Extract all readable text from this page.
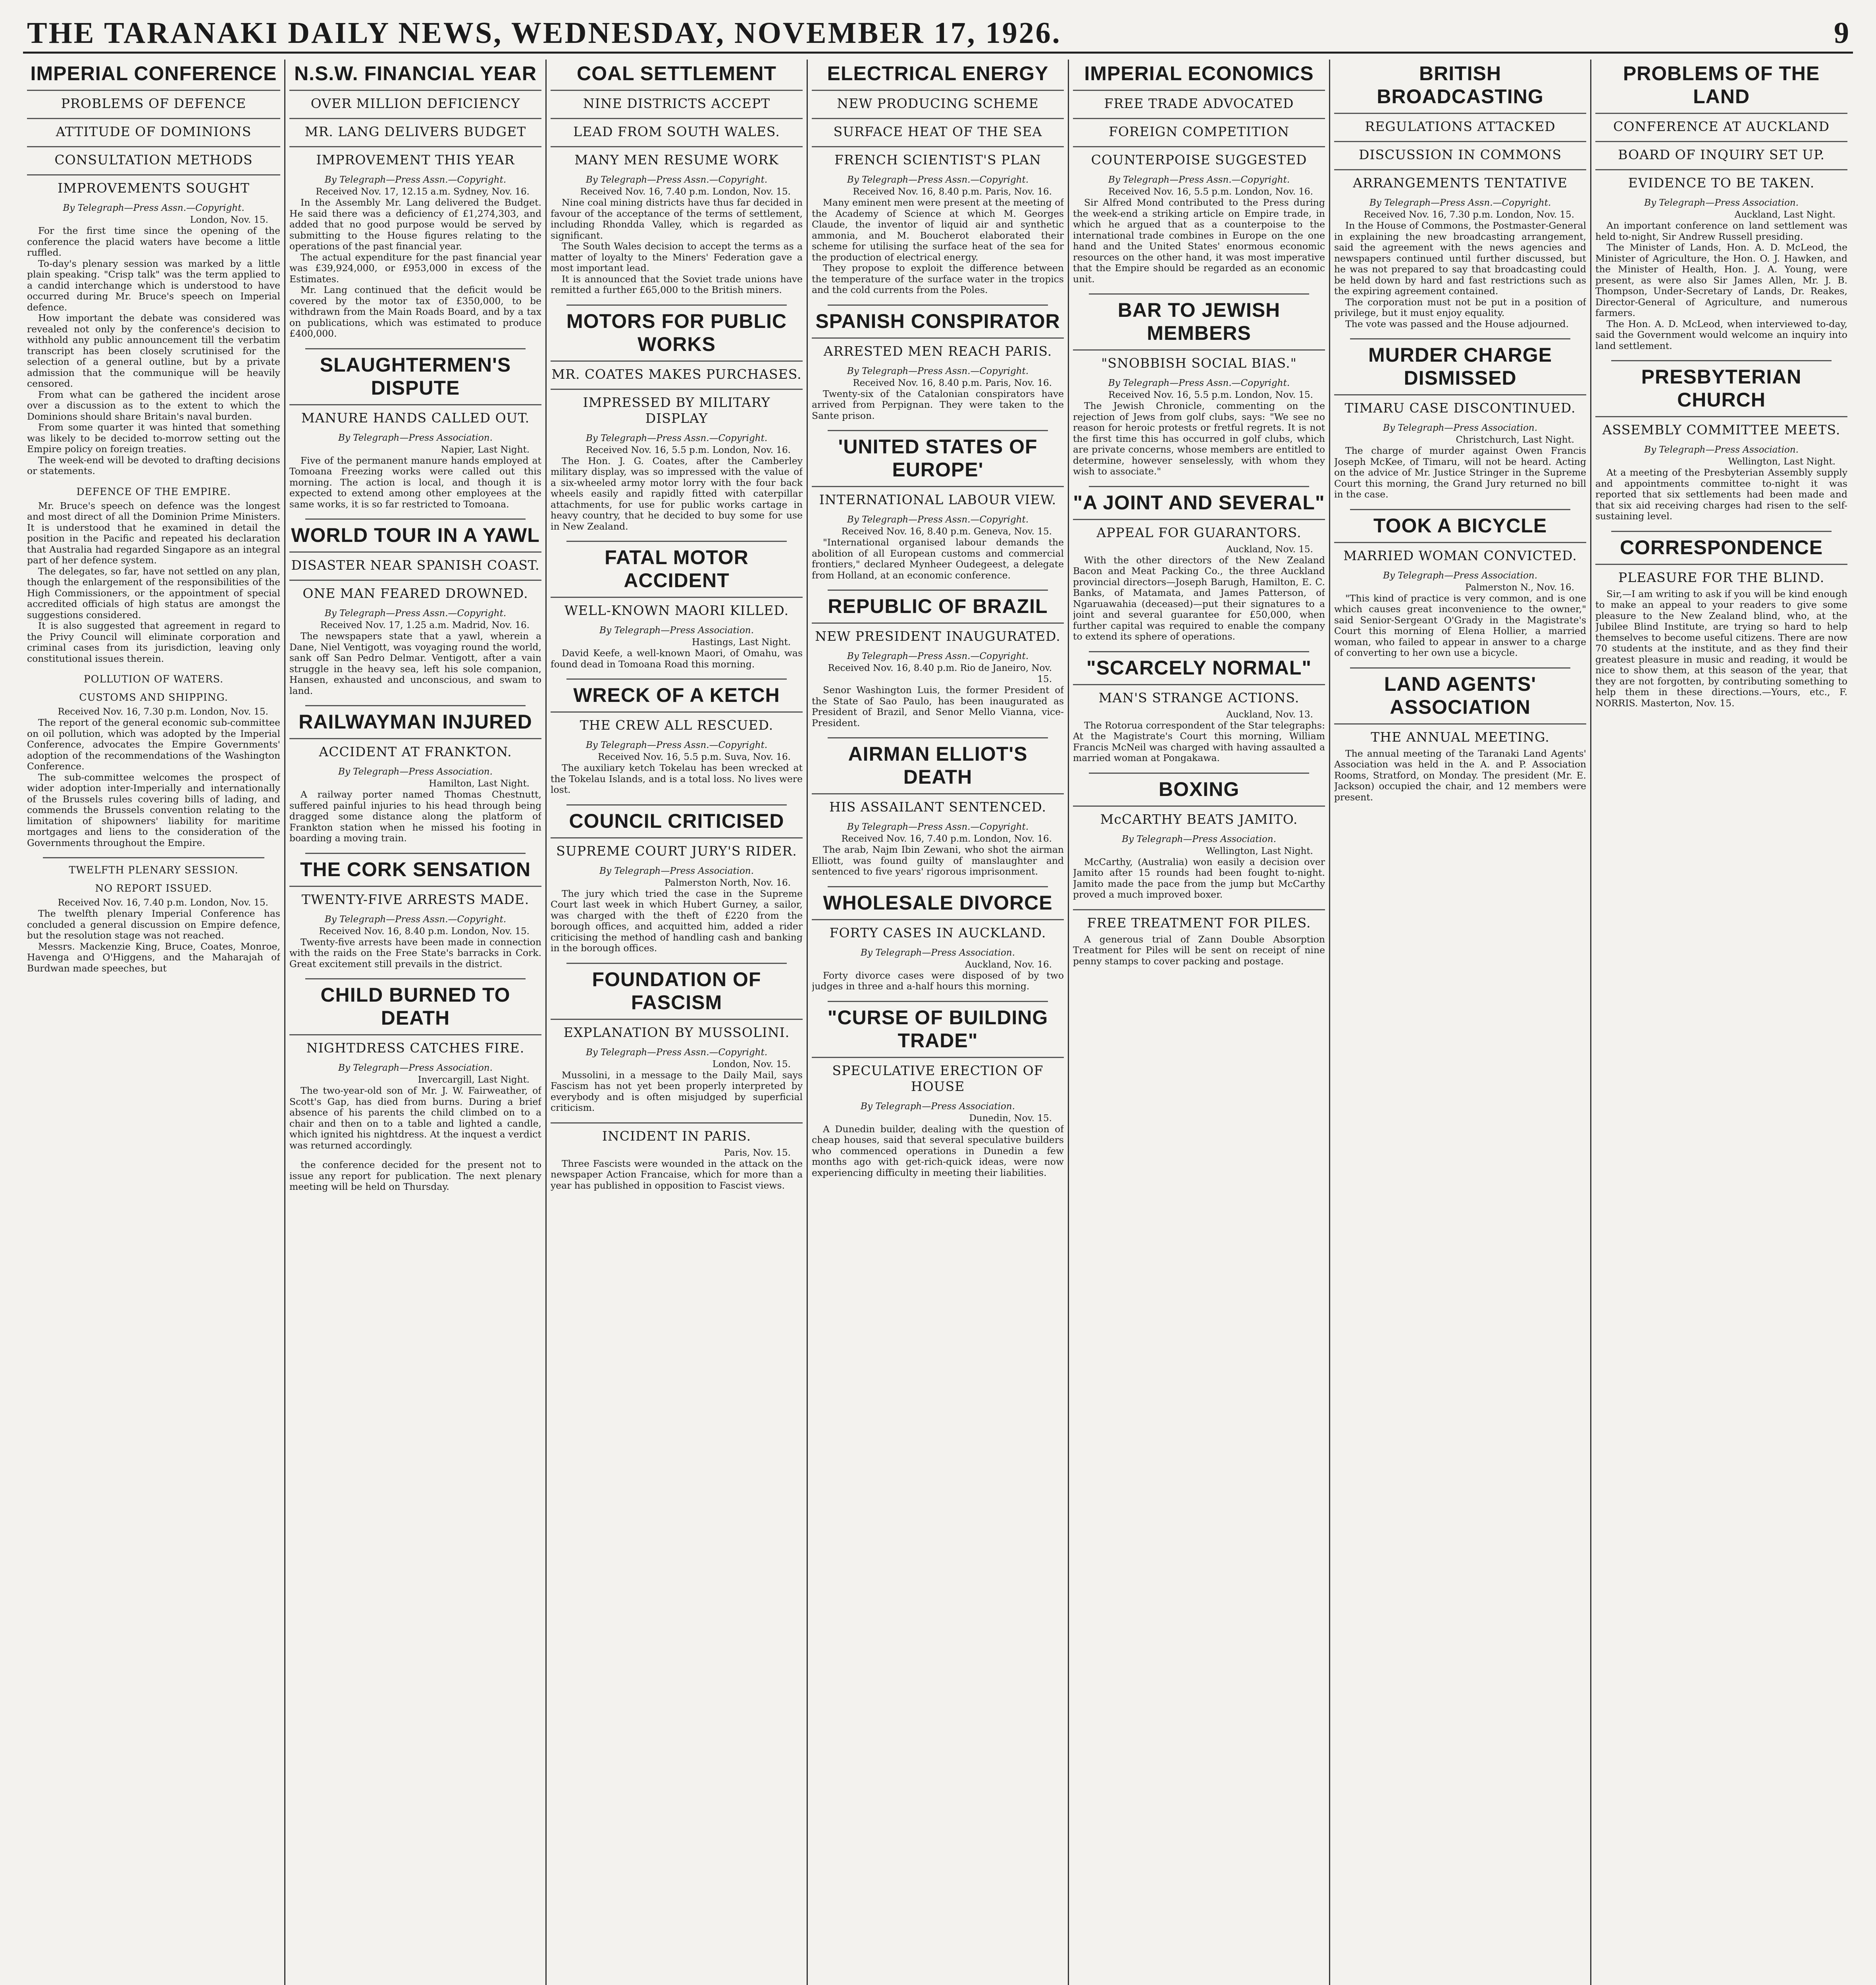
THE TARANAKI DAILY NEWS, WEDNESDAY, NOVEMBER 17, 1926.	9
IMPERIAL CONFERENCE
PROBLEMS OF DEFENCE
ATTITUDE OF DOMINIONS
CONSULTATION METHODS
IMPROVEMENTS SOUGHT
By Telegraph—Press Assn.—Copyright.
London, Nov. 15.

For the first time since the opening of the conference the placid waters have become a little ruffled.

To-day's plenary session was marked by a little plain speaking. "Crisp talk" was the term applied to a candid interchange which is understood to have occurred during Mr. Bruce's speech on Imperial defence.

How important the debate was considered was revealed not only by the conference's decision to withhold any public announcement till the verbatim transcript has been closely scrutinised for the selection of a general outline, but by a private admission that the communique will be heavily censored.

From what can be gathered the incident arose over a discussion as to the extent to which the Dominions should share Britain's naval burden.

From some quarter it was hinted that something was likely to be decided to-morrow setting out the Empire policy on foreign treaties.

The week-end will be devoted to drafting decisions or statements.

DEFENCE OF THE EMPIRE.

Mr. Bruce's speech on defence was the longest and most direct of all the Dominion Prime Ministers. It is understood that he examined in detail the position in the Pacific and repeated his declaration that Australia had regarded Singapore as an integral part of her defence system.

The delegates, so far, have not settled on any plan, though the enlargement of the responsibilities of the High Commissioners, or the appointment of special accredited officials of high status are amongst the suggestions considered.

It is also suggested that agreement in regard to the Privy Council will eliminate corporation and criminal cases from its jurisdiction, leaving only constitutional issues therein.

POLLUTION OF WATERS.
CUSTOMS AND SHIPPING.
Received Nov. 16, 7.30 p.m. London, Nov. 15.

The report of the general economic sub-committee on oil pollution, which was adopted by the Imperial Conference, advocates the Empire Governments' adoption of the recommendations of the Washington Conference.

The sub-committee welcomes the prospect of wider adoption inter-Imperially and internationally of the Brussels rules covering bills of lading, and commends the Brussels convention relating to the limitation of shipowners' liability for maritime mortgages and liens to the consideration of the Governments throughout the Empire.

TWELFTH PLENARY SESSION.
NO REPORT ISSUED.
Received Nov. 16, 7.40 p.m. London, Nov. 15.

The twelfth plenary Imperial Conference has concluded a general discussion on Empire defence, but the resolution stage was not reached.

Messrs. Mackenzie King, Bruce, Coates, Monroe, Havenga and O'Higgens, and the Maharajah of Burdwan made speeches, but

N.S.W. FINANCIAL YEAR
OVER MILLION DEFICIENCY
MR. LANG DELIVERS BUDGET
IMPROVEMENT THIS YEAR
By Telegraph—Press Assn.—Copyright.
Received Nov. 17, 12.15 a.m. Sydney, Nov. 16.

In the Assembly Mr. Lang delivered the Budget. He said there was a deficiency of £1,274,303, and added that no good purpose would be served by submitting to the House figures relating to the operations of the past financial year.

The actual expenditure for the past financial year was £39,924,000, or £953,000 in excess of the Estimates.

Mr. Lang continued that the deficit would be covered by the motor tax of £350,000, to be withdrawn from the Main Roads Board, and by a tax on publications, which was estimated to produce £400,000.

SLAUGHTERMEN'S DISPUTE
MANURE HANDS CALLED OUT.
By Telegraph—Press Association.
Napier, Last Night.

Five of the permanent manure hands employed at Tomoana Freezing works were called out this morning. The action is local, and though it is expected to extend among other employees at the same works, it is so far restricted to Tomoana.

WORLD TOUR IN A YAWL
DISASTER NEAR SPANISH COAST.
ONE MAN FEARED DROWNED.
By Telegraph—Press Assn.—Copyright.
Received Nov. 17, 1.25 a.m. Madrid, Nov. 16.

The newspapers state that a yawl, wherein a Dane, Niel Ventigott, was voyaging round the world, sank off San Pedro Delmar. Ventigott, after a vain struggle in the heavy sea, left his sole companion, Hansen, exhausted and unconscious, and swam to land.

RAILWAYMAN INJURED
ACCIDENT AT FRANKTON.
By Telegraph—Press Association.
Hamilton, Last Night.

A railway porter named Thomas Chestnutt, suffered painful injuries to his head through being dragged some distance along the platform of Frankton station when he missed his footing in boarding a moving train.

THE CORK SENSATION
TWENTY-FIVE ARRESTS MADE.
By Telegraph—Press Assn.—Copyright.
Received Nov. 16, 8.40 p.m. London, Nov. 15.

Twenty-five arrests have been made in connection with the raids on the Free State's barracks in Cork. Great excitement still prevails in the district.

CHILD BURNED TO DEATH
NIGHTDRESS CATCHES FIRE.
By Telegraph—Press Association.
Invercargill, Last Night.

The two-year-old son of Mr. J. W. Fairweather, of Scott's Gap, has died from burns. During a brief absence of his parents the child climbed on to a chair and then on to a table and lighted a candle, which ignited his nightdress. At the inquest a verdict was returned accordingly.

the conference decided for the present not to issue any report for publication. The next plenary meeting will be held on Thursday.

COAL SETTLEMENT
NINE DISTRICTS ACCEPT
LEAD FROM SOUTH WALES.
MANY MEN RESUME WORK
By Telegraph—Press Assn.—Copyright.
Received Nov. 16, 7.40 p.m. London, Nov. 15.

Nine coal mining districts have thus far decided in favour of the acceptance of the terms of settlement, including Rhondda Valley, which is regarded as significant.

The South Wales decision to accept the terms as a matter of loyalty to the Miners' Federation gave a most important lead.

It is announced that the Soviet trade unions have remitted a further £65,000 to the British miners.

MOTORS FOR PUBLIC WORKS
MR. COATES MAKES PURCHASES.
IMPRESSED BY MILITARY DISPLAY
By Telegraph—Press Assn.—Copyright.
Received Nov. 16, 5.5 p.m. London, Nov. 16.

The Hon. J. G. Coates, after the Camberley military display, was so impressed with the value of a six-wheeled army motor lorry with the four back wheels easily and rapidly fitted with caterpillar attachments, for use for public works cartage in heavy country, that he decided to buy some for use in New Zealand.

FATAL MOTOR ACCIDENT
WELL-KNOWN MAORI KILLED.
By Telegraph—Press Association.
Hastings, Last Night.

David Keefe, a well-known Maori, of Omahu, was found dead in Tomoana Road this morning.

WRECK OF A KETCH
THE CREW ALL RESCUED.
By Telegraph—Press Assn.—Copyright.
Received Nov. 16, 5.5 p.m. Suva, Nov. 16.

The auxiliary ketch Tokelau has been wrecked at the Tokelau Islands, and is a total loss. No lives were lost.

COUNCIL CRITICISED
SUPREME COURT JURY'S RIDER.
By Telegraph—Press Association.
Palmerston North, Nov. 16.

The jury which tried the case in the Supreme Court last week in which Hubert Gurney, a sailor, was charged with the theft of £220 from the borough offices, and acquitted him, added a rider criticising the method of handling cash and banking in the borough offices.

FOUNDATION OF FASCISM
EXPLANATION BY MUSSOLINI.
By Telegraph—Press Assn.—Copyright.
London, Nov. 15.

Mussolini, in a message to the Daily Mail, says Fascism has not yet been properly interpreted by everybody and is often misjudged by superficial criticism.

INCIDENT IN PARIS.
Paris, Nov. 15.

Three Fascists were wounded in the attack on the newspaper Action Francaise, which for more than a year has published in opposition to Fascist views.

ELECTRICAL ENERGY
NEW PRODUCING SCHEME
SURFACE HEAT OF THE SEA
FRENCH SCIENTIST'S PLAN
By Telegraph—Press Assn.—Copyright.
Received Nov. 16, 8.40 p.m. Paris, Nov. 16.

Many eminent men were present at the meeting of the Academy of Science at which M. Georges Claude, the inventor of liquid air and synthetic ammonia, and M. Boucherot elaborated their scheme for utilising the surface heat of the sea for the production of electrical energy.

They propose to exploit the difference between the temperature of the surface water in the tropics and the cold currents from the Poles.

SPANISH CONSPIRATOR
ARRESTED MEN REACH PARIS.
By Telegraph—Press Assn.—Copyright.
Received Nov. 16, 8.40 p.m. Paris, Nov. 16.

Twenty-six of the Catalonian conspirators have arrived from Perpignan. They were taken to the Sante prison.

'UNITED STATES OF EUROPE'
INTERNATIONAL LABOUR VIEW.
By Telegraph—Press Assn.—Copyright.
Received Nov. 16, 8.40 p.m. Geneva, Nov. 15.

"International organised labour demands the abolition of all European customs and commercial frontiers," declared Mynheer Oudegeest, a delegate from Holland, at an economic conference.

REPUBLIC OF BRAZIL
NEW PRESIDENT INAUGURATED.
By Telegraph—Press Assn.—Copyright.
Received Nov. 16, 8.40 p.m. Rio de Janeiro, Nov. 15.

Senor Washington Luis, the former President of the State of Sao Paulo, has been inaugurated as President of Brazil, and Senor Mello Vianna, vice-President.

AIRMAN ELLIOT'S DEATH
HIS ASSAILANT SENTENCED.
By Telegraph—Press Assn.—Copyright.
Received Nov. 16, 7.40 p.m. London, Nov. 16.

The arab, Najm Ibin Zewani, who shot the airman Elliott, was found guilty of manslaughter and sentenced to five years' rigorous imprisonment.

WHOLESALE DIVORCE
FORTY CASES IN AUCKLAND.
By Telegraph—Press Association.
Auckland, Nov. 16.

Forty divorce cases were disposed of by two judges in three and a-half hours this morning.

"CURSE OF BUILDING TRADE"
SPECULATIVE ERECTION OF HOUSE
By Telegraph—Press Association.
Dunedin, Nov. 15.

A Dunedin builder, dealing with the question of cheap houses, said that several speculative builders who commenced operations in Dunedin a few months ago with get-rich-quick ideas, were now experiencing difficulty in meeting their liabilities.

IMPERIAL ECONOMICS
FREE TRADE ADVOCATED
FOREIGN COMPETITION
COUNTERPOISE SUGGESTED
By Telegraph—Press Assn.—Copyright.
Received Nov. 16, 5.5 p.m. London, Nov. 16.

Sir Alfred Mond contributed to the Press during the week-end a striking article on Empire trade, in which he argued that as a counterpoise to the international trade combines in Europe on the one hand and the United States' enormous economic resources on the other hand, it was most imperative that the Empire should be regarded as an economic unit.

BAR TO JEWISH MEMBERS
"SNOBBISH SOCIAL BIAS."
By Telegraph—Press Assn.—Copyright.
Received Nov. 16, 5.5 p.m. London, Nov. 15.

The Jewish Chronicle, commenting on the rejection of Jews from golf clubs, says: "We see no reason for heroic protests or fretful regrets. It is not the first time this has occurred in golf clubs, which are private concerns, whose members are entitled to determine, however senselessly, with whom they wish to associate."

"A JOINT AND SEVERAL"
APPEAL FOR GUARANTORS.
Auckland, Nov. 15.

With the other directors of the New Zealand Bacon and Meat Packing Co., the three Auckland provincial directors—Joseph Barugh, Hamilton, E. C. Banks, of Matamata, and James Patterson, of Ngaruawahia (deceased)—put their signatures to a joint and several guarantee for £50,000, when further capital was required to enable the company to extend its sphere of operations.

"SCARCELY NORMAL"
MAN'S STRANGE ACTIONS.
Auckland, Nov. 13.

The Rotorua correspondent of the Star telegraphs: At the Magistrate's Court this morning, William Francis McNeil was charged with having assaulted a married woman at Pongakawa.

BOXING
McCARTHY BEATS JAMITO.
By Telegraph—Press Association.
Wellington, Last Night.

McCarthy, (Australia) won easily a decision over Jamito after 15 rounds had been fought to-night. Jamito made the pace from the jump but McCarthy proved a much improved boxer.

FREE TREATMENT FOR PILES.

A generous trial of Zann Double Absorption Treatment for Piles will be sent on receipt of nine penny stamps to cover packing and postage.

BRITISH BROADCASTING
REGULATIONS ATTACKED
DISCUSSION IN COMMONS
ARRANGEMENTS TENTATIVE
By Telegraph—Press Assn.—Copyright.
Received Nov. 16, 7.30 p.m. London, Nov. 15.

In the House of Commons, the Postmaster-General in explaining the new broadcasting arrangement, said the agreement with the news agencies and newspapers continued until further discussed, but he was not prepared to say that broadcasting could be held down by hard and fast restrictions such as the expiring agreement contained.

The corporation must not be put in a position of privilege, but it must enjoy equality.

The vote was passed and the House adjourned.

MURDER CHARGE DISMISSED
TIMARU CASE DISCONTINUED.
By Telegraph—Press Association.
Christchurch, Last Night.

The charge of murder against Owen Francis Joseph McKee, of Timaru, will not be heard. Acting on the advice of Mr. Justice Stringer in the Supreme Court this morning, the Grand Jury returned no bill in the case.

TOOK A BICYCLE
MARRIED WOMAN CONVICTED.
By Telegraph—Press Association.
Palmerston N., Nov. 16.

"This kind of practice is very common, and is one which causes great inconvenience to the owner," said Senior-Sergeant O'Grady in the Magistrate's Court this morning of Elena Hollier, a married woman, who failed to appear in answer to a charge of converting to her own use a bicycle.

LAND AGENTS' ASSOCIATION
THE ANNUAL MEETING.

The annual meeting of the Taranaki Land Agents' Association was held in the A. and P. Association Rooms, Stratford, on Monday. The president (Mr. E. Jackson) occupied the chair, and 12 members were present.

PROBLEMS OF THE LAND
CONFERENCE AT AUCKLAND
BOARD OF INQUIRY SET UP.
EVIDENCE TO BE TAKEN.
By Telegraph—Press Association.
Auckland, Last Night.

An important conference on land settlement was held to-night, Sir Andrew Russell presiding.

The Minister of Lands, Hon. A. D. McLeod, the Minister of Agriculture, the Hon. O. J. Hawken, and the Minister of Health, Hon. J. A. Young, were present, as were also Sir James Allen, Mr. J. B. Thompson, Under-Secretary of Lands, Dr. Reakes, Director-General of Agriculture, and numerous farmers.

The Hon. A. D. McLeod, when interviewed to-day, said the Government would welcome an inquiry into land settlement.

PRESBYTERIAN CHURCH
ASSEMBLY COMMITTEE MEETS.
By Telegraph—Press Association.
Wellington, Last Night.

At a meeting of the Presbyterian Assembly supply and appointments committee to-night it was reported that six settlements had been made and that six aid receiving charges had risen to the self-sustaining level.

CORRESPONDENCE
PLEASURE FOR THE BLIND.

Sir,—I am writing to ask if you will be kind enough to make an appeal to your readers to give some pleasure to the New Zealand blind, who, at the Jubilee Blind Institute, are trying so hard to help themselves to become useful citizens. There are now 70 students at the institute, and as they find their greatest pleasure in music and reading, it would be nice to show them, at this season of the year, that they are not forgotten, by contributing something to help them in these directions.—Yours, etc., F. NORRIS. Masterton, Nov. 15.
